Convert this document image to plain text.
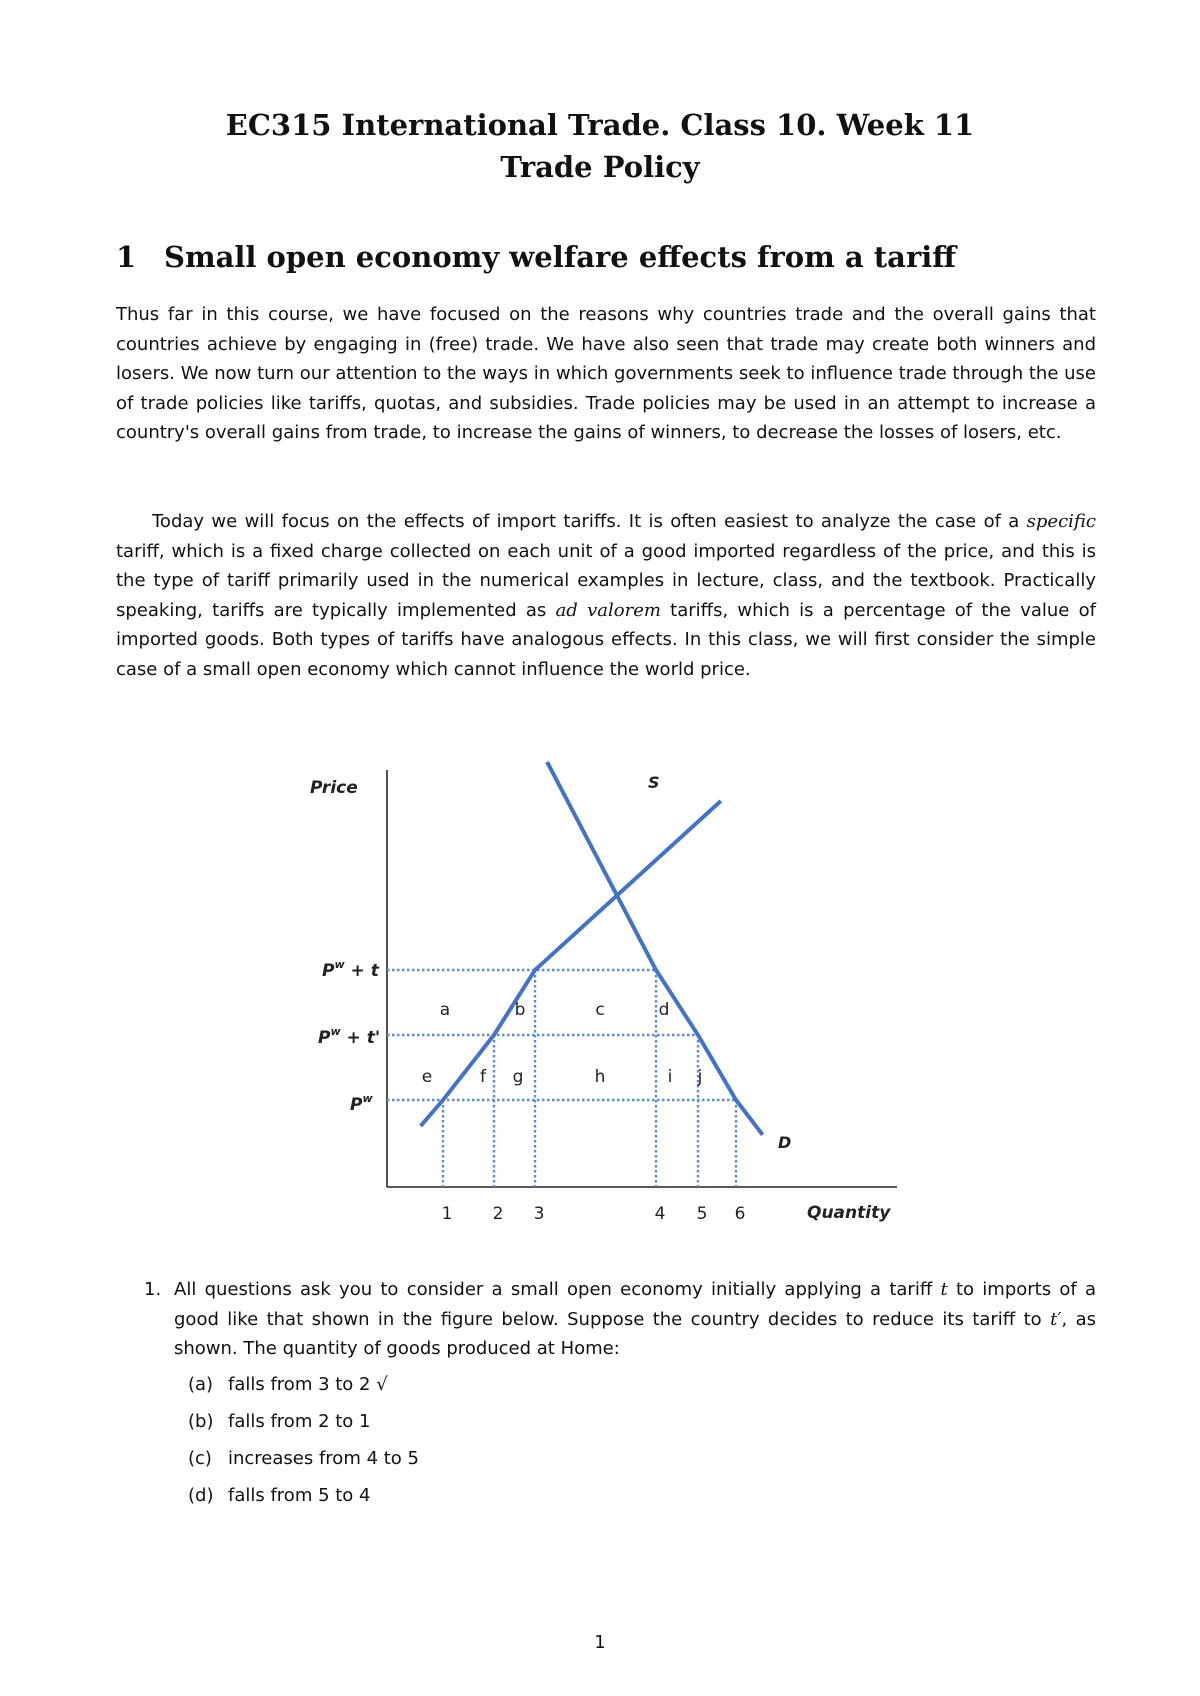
EC315 International Trade. Class 10. Week 11
Trade Policy
1 Small open economy welfare effects from a tariff
Thus far in this course, we have focused on the reasons why countries trade and the overall gains that countries achieve by engaging in (free) trade. We have also seen that trade may create both winners and losers. We now turn our attention to the ways in which governments seek to influence trade through the use of trade policies like tariffs, quotas, and subsidies. Trade policies may be used in an attempt to increase a country's overall gains from trade, to increase the gains of winners, to decrease the losses of losers, etc.
Today we will focus on the effects of import tariffs. It is often easiest to analyze the case of a specific tariff, which is a fixed charge collected on each unit of a good imported regardless of the price, and this is the type of tariff primarily used in the numerical examples in lecture, class, and the textbook. Practically speaking, tariffs are typically implemented as ad valorem tariffs, which is a percentage of the value of imported goods. Both types of tariffs have analogous effects. In this class, we will first consider the simple case of a small open economy which cannot influence the world price.
Price
Quantity
S
D
$P^w + t$
$P^w + t'$
$P^w$
1 2 3	4 5 6
a	b	c	d
e	f g	h	i j
1. All questions ask you to consider a small open economy initially applying a tariff t to imports of a good like that shown in the figure below. Suppose the country decides to reduce its tariff to t′, as shown. The quantity of goods produced at Home:
(a) falls from 3 to 2 √
(b) falls from 2 to 1
(c) increases from 4 to 5
(d) falls from 5 to 4
1
